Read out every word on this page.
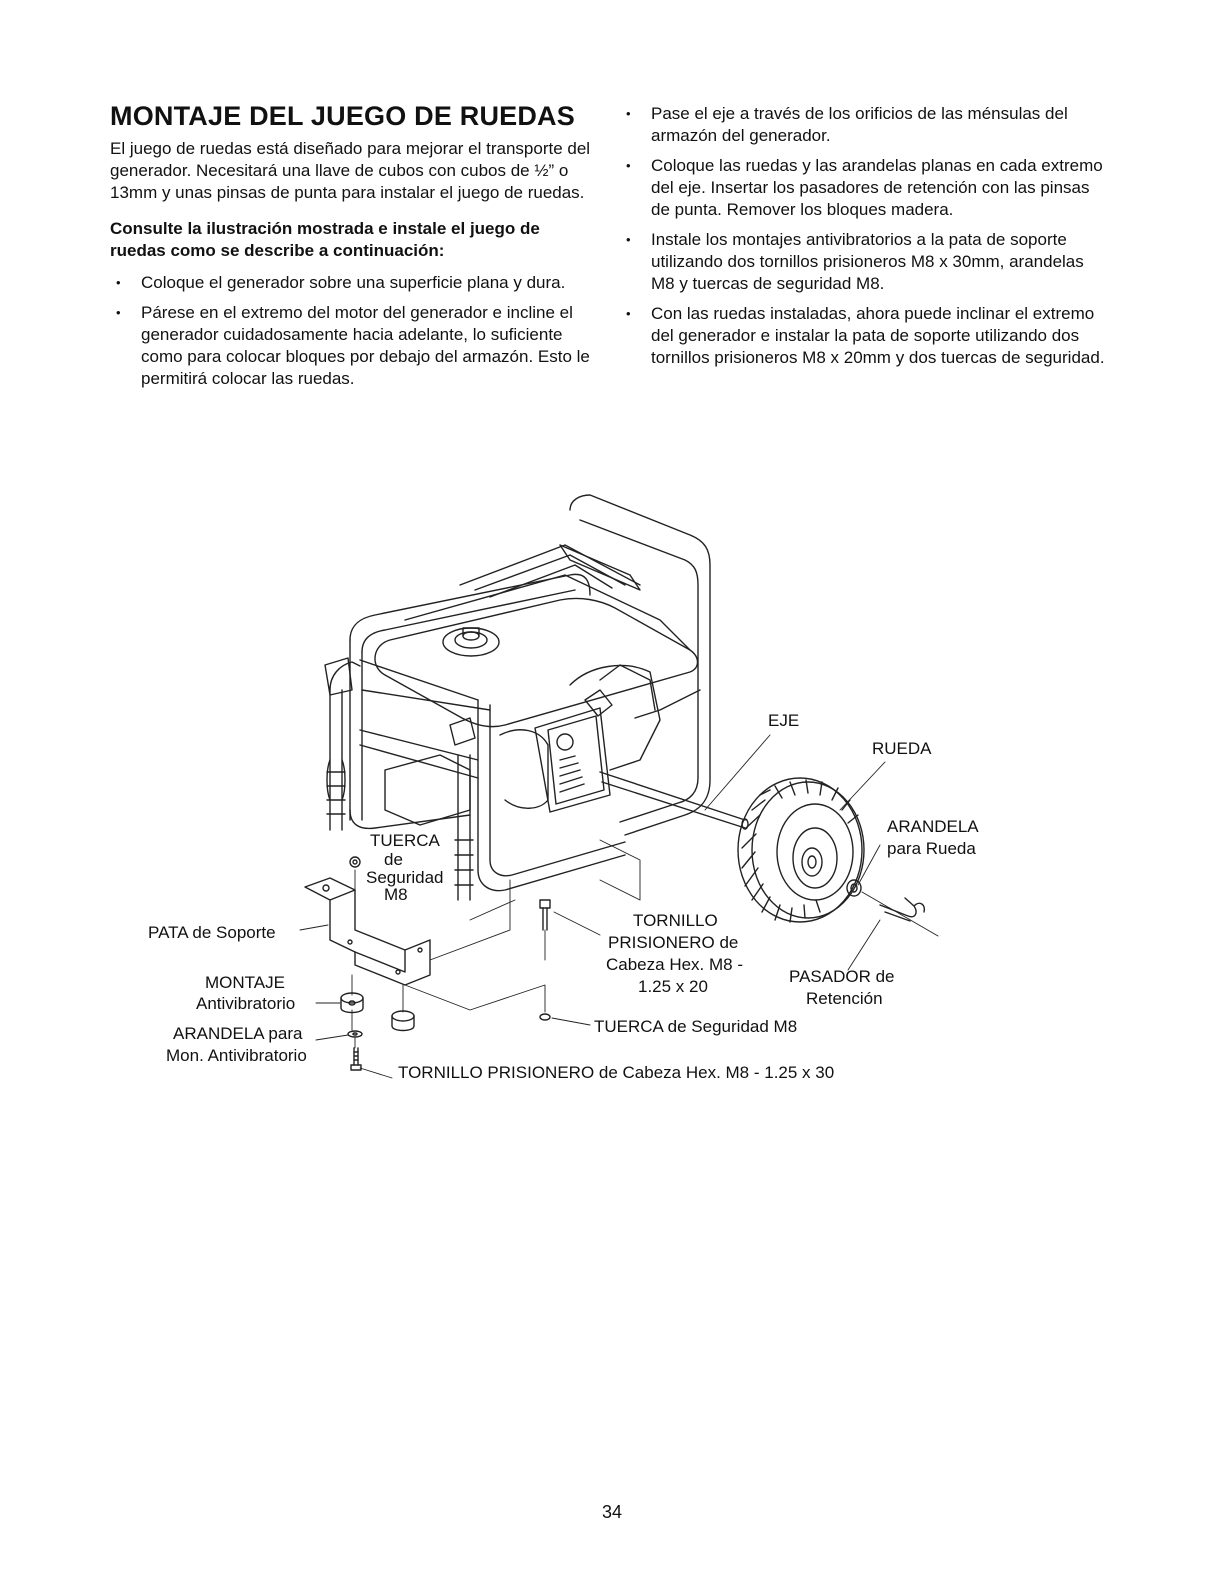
MONTAJE DEL JUEGO DE RUEDAS

El juego de ruedas está diseñado para mejorar el transporte del generador. Necesitará una llave de cubos con cubos de ½” o 13mm y unas pinsas de punta para instalar el juego de ruedas.

Consulte la ilustración mostrada e instale el juego de ruedas como se describe a continuación:

• Coloque el generador sobre una superficie plana y dura.
• Párese en el extremo del motor del generador e incline el generador cuidadosamente hacia adelante, lo suficiente como para colocar bloques por debajo del armazón. Esto le permitirá colocar las ruedas.
• Pase el eje a través de los orificios de las ménsulas del armazón del generador.
• Coloque las ruedas y las arandelas planas en cada extremo del eje. Insertar los pasadores de retención con las pinsas de punta. Remover los bloques madera.
• Instale los montajes antivibratorios a la pata de soporte utilizando dos tornillos prisioneros M8 x 30mm, arandelas M8 y tuercas de seguridad M8.
• Con las ruedas instaladas, ahora puede inclinar el extremo del generador e instalar la pata de soporte utilizando dos tornillos prisioneros M8 x 20mm y dos tuercas de seguridad.
EJE
RUEDA
ARANDELA
para Rueda
TUERCA
de
Seguridad
M8
PATA de Soporte
MONTAJE
Antivibratorio
ARANDELA para
Mon. Antivibratorio
TORNILLO
PRISIONERO de
Cabeza Hex. M8 -
1.25 x 20
PASADOR de
Retención
TUERCA de Seguridad M8
TORNILLO PRISIONERO de Cabeza Hex. M8 - 1.25 x 30
34
